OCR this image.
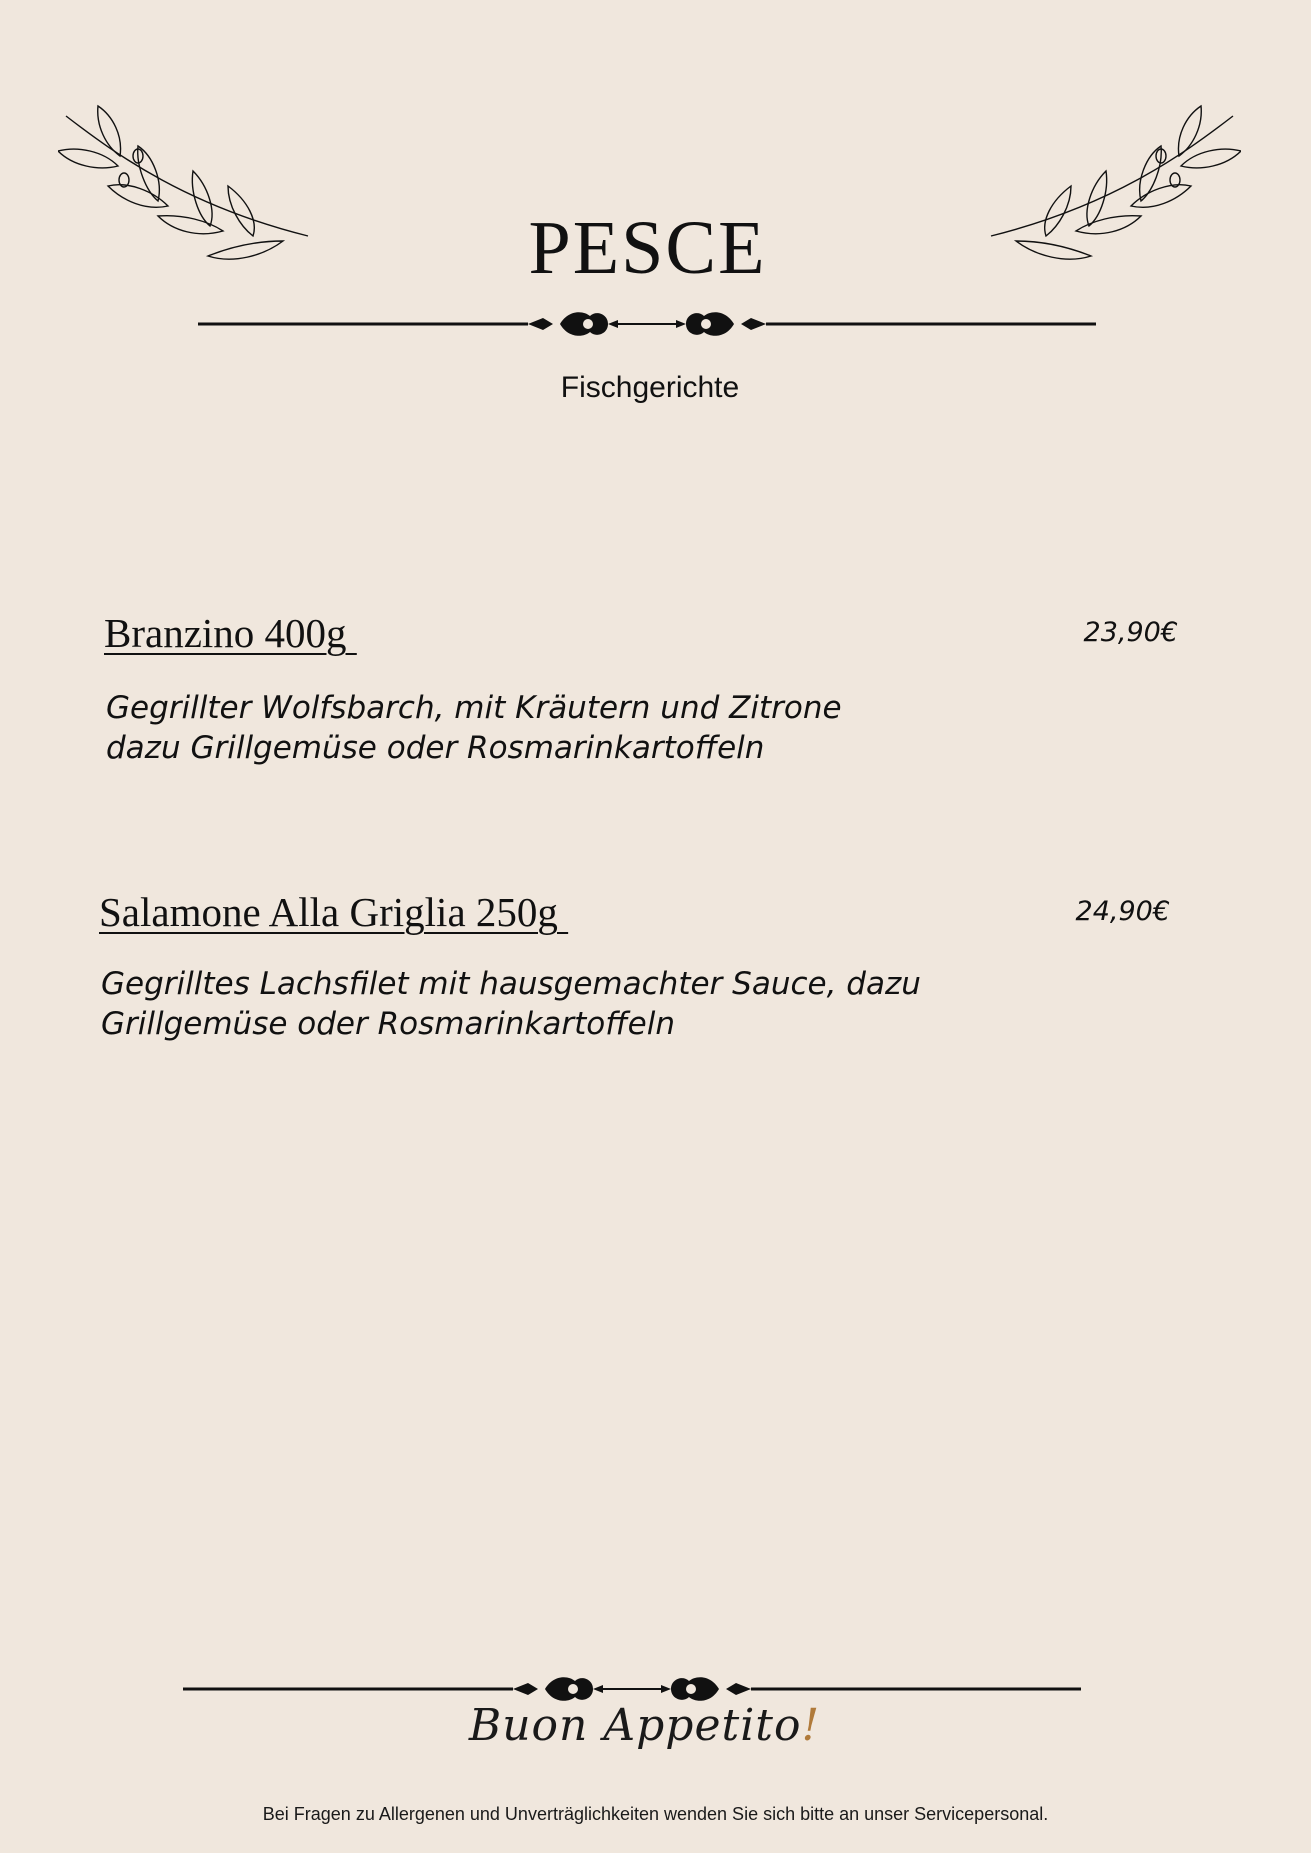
PESCE
Fischgerichte
Branzino 400g	23,90€
Gegrillter Wolfsbarch, mit Kräutern und Zitrone
dazu Grillgemüse oder Rosmarinkartoffeln
Salamone Alla Griglia 250g	24,90€
Gegrilltes Lachsfilet mit hausgemachter Sauce, dazu
Grillgemüse oder Rosmarinkartoffeln
Buon Appetito!
Bei Fragen zu Allergenen und Unverträglichkeiten wenden Sie sich bitte an unser Servicepersonal.
